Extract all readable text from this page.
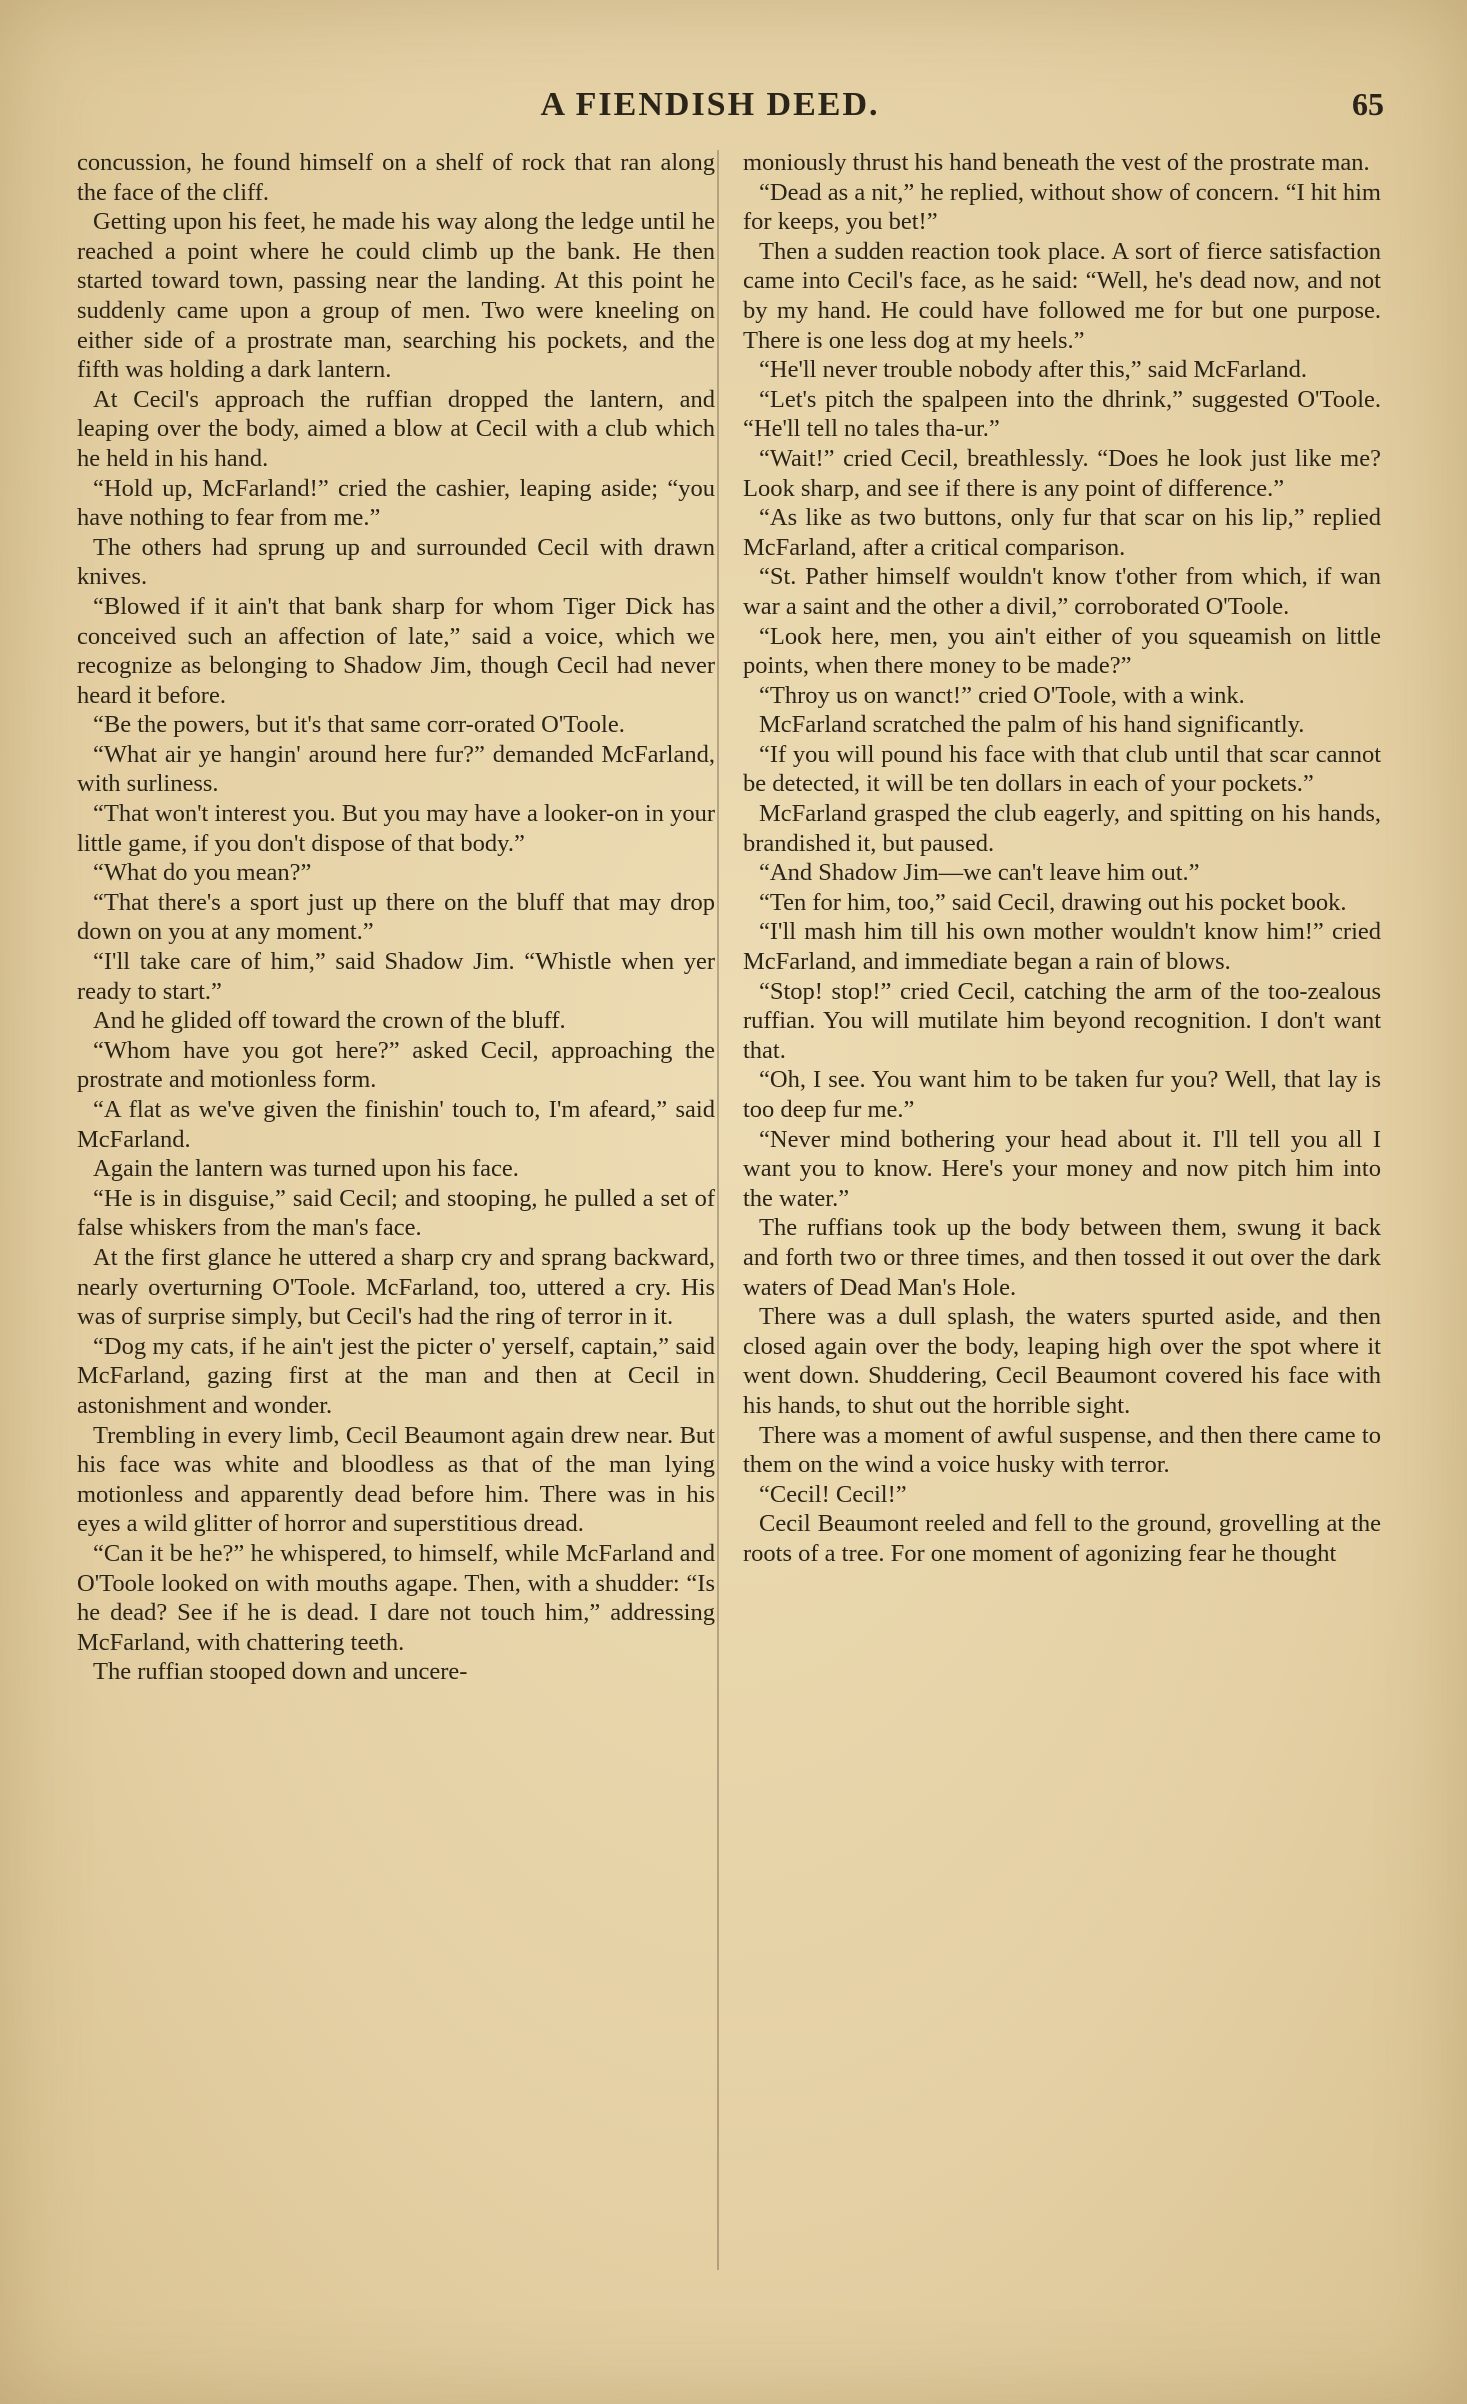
A FIENDISH DEED.	65

concussion, he found himself on a shelf of rock that ran along the face of the cliff.

Getting upon his feet, he made his way along the ledge until he reached a point where he could climb up the bank. He then started toward town, passing near the landing. At this point he suddenly came upon a group of men. Two were kneeling on either side of a prostrate man, searching his pockets, and the fifth was holding a dark lantern.

At Cecil's approach the ruffian dropped the lantern, and leaping over the body, aimed a blow at Cecil with a club which he held in his hand.

“Hold up, McFarland!” cried the cashier, leaping aside; “you have nothing to fear from me.”

The others had sprung up and surrounded Cecil with drawn knives.

“Blowed if it ain't that bank sharp for whom Tiger Dick has conceived such an affection of late,” said a voice, which we recognize as belonging to Shadow Jim, though Cecil had never heard it before.

“Be the powers, but it's that same corr-orated O'Toole.

“What air ye hangin' around here fur?” demanded McFarland, with surliness.

“That won't interest you. But you may have a looker-on in your little game, if you don't dispose of that body.”

“What do you mean?”

“That there's a sport just up there on the bluff that may drop down on you at any moment.”

“I'll take care of him,” said Shadow Jim. “Whistle when yer ready to start.”

And he glided off toward the crown of the bluff.

“Whom have you got here?” asked Cecil, approaching the prostrate and motionless form.

“A flat as we've given the finishin' touch to, I'm afeard,” said McFarland.

Again the lantern was turned upon his face.

“He is in disguise,” said Cecil; and stooping, he pulled a set of false whiskers from the man's face.

At the first glance he uttered a sharp cry and sprang backward, nearly overturning O'Toole. McFarland, too, uttered a cry. His was of surprise simply, but Cecil's had the ring of terror in it.

“Dog my cats, if he ain't jest the picter o' yerself, captain,” said McFarland, gazing first at the man and then at Cecil in astonishment and wonder.

Trembling in every limb, Cecil Beaumont again drew near. But his face was white and bloodless as that of the man lying motionless and apparently dead before him. There was in his eyes a wild glitter of horror and superstitious dread.

“Can it be he?” he whispered, to himself, while McFarland and O'Toole looked on with mouths agape. Then, with a shudder: “Is he dead? See if he is dead. I dare not touch him,” addressing McFarland, with chattering teeth.

The ruffian stooped down and uncere-

moniously thrust his hand beneath the vest of the prostrate man.

“Dead as a nit,” he replied, without show of concern. “I hit him for keeps, you bet!”

Then a sudden reaction took place. A sort of fierce satisfaction came into Cecil's face, as he said: “Well, he's dead now, and not by my hand. He could have followed me for but one purpose. There is one less dog at my heels.”

“He'll never trouble nobody after this,” said McFarland.

“Let's pitch the spalpeen into the dhrink,” suggested O'Toole. “He'll tell no tales tha-ur.”

“Wait!” cried Cecil, breathlessly. “Does he look just like me? Look sharp, and see if there is any point of difference.”

“As like as two buttons, only fur that scar on his lip,” replied McFarland, after a critical comparison.

“St. Pather himself wouldn't know t'other from which, if wan war a saint and the other a divil,” corroborated O'Toole.

“Look here, men, you ain't either of you squeamish on little points, when there money to be made?”

“Throy us on wanct!” cried O'Toole, with a wink.

McFarland scratched the palm of his hand significantly.

“If you will pound his face with that club until that scar cannot be detected, it will be ten dollars in each of your pockets.”

McFarland grasped the club eagerly, and spitting on his hands, brandished it, but paused.

“And Shadow Jim—we can't leave him out.”

“Ten for him, too,” said Cecil, drawing out his pocket book.

“I'll mash him till his own mother wouldn't know him!” cried McFarland, and immediate began a rain of blows.

“Stop! stop!” cried Cecil, catching the arm of the too-zealous ruffian. You will mutilate him beyond recognition. I don't want that.

“Oh, I see. You want him to be taken fur you? Well, that lay is too deep fur me.”

“Never mind bothering your head about it. I'll tell you all I want you to know. Here's your money and now pitch him into the water.”

The ruffians took up the body between them, swung it back and forth two or three times, and then tossed it out over the dark waters of Dead Man's Hole.

There was a dull splash, the waters spurted aside, and then closed again over the body, leaping high over the spot where it went down. Shuddering, Cecil Beaumont covered his face with his hands, to shut out the horrible sight.

There was a moment of awful suspense, and then there came to them on the wind a voice husky with terror.

“Cecil! Cecil!”

Cecil Beaumont reeled and fell to the ground, grovelling at the roots of a tree. For one moment of agonizing fear he thought
